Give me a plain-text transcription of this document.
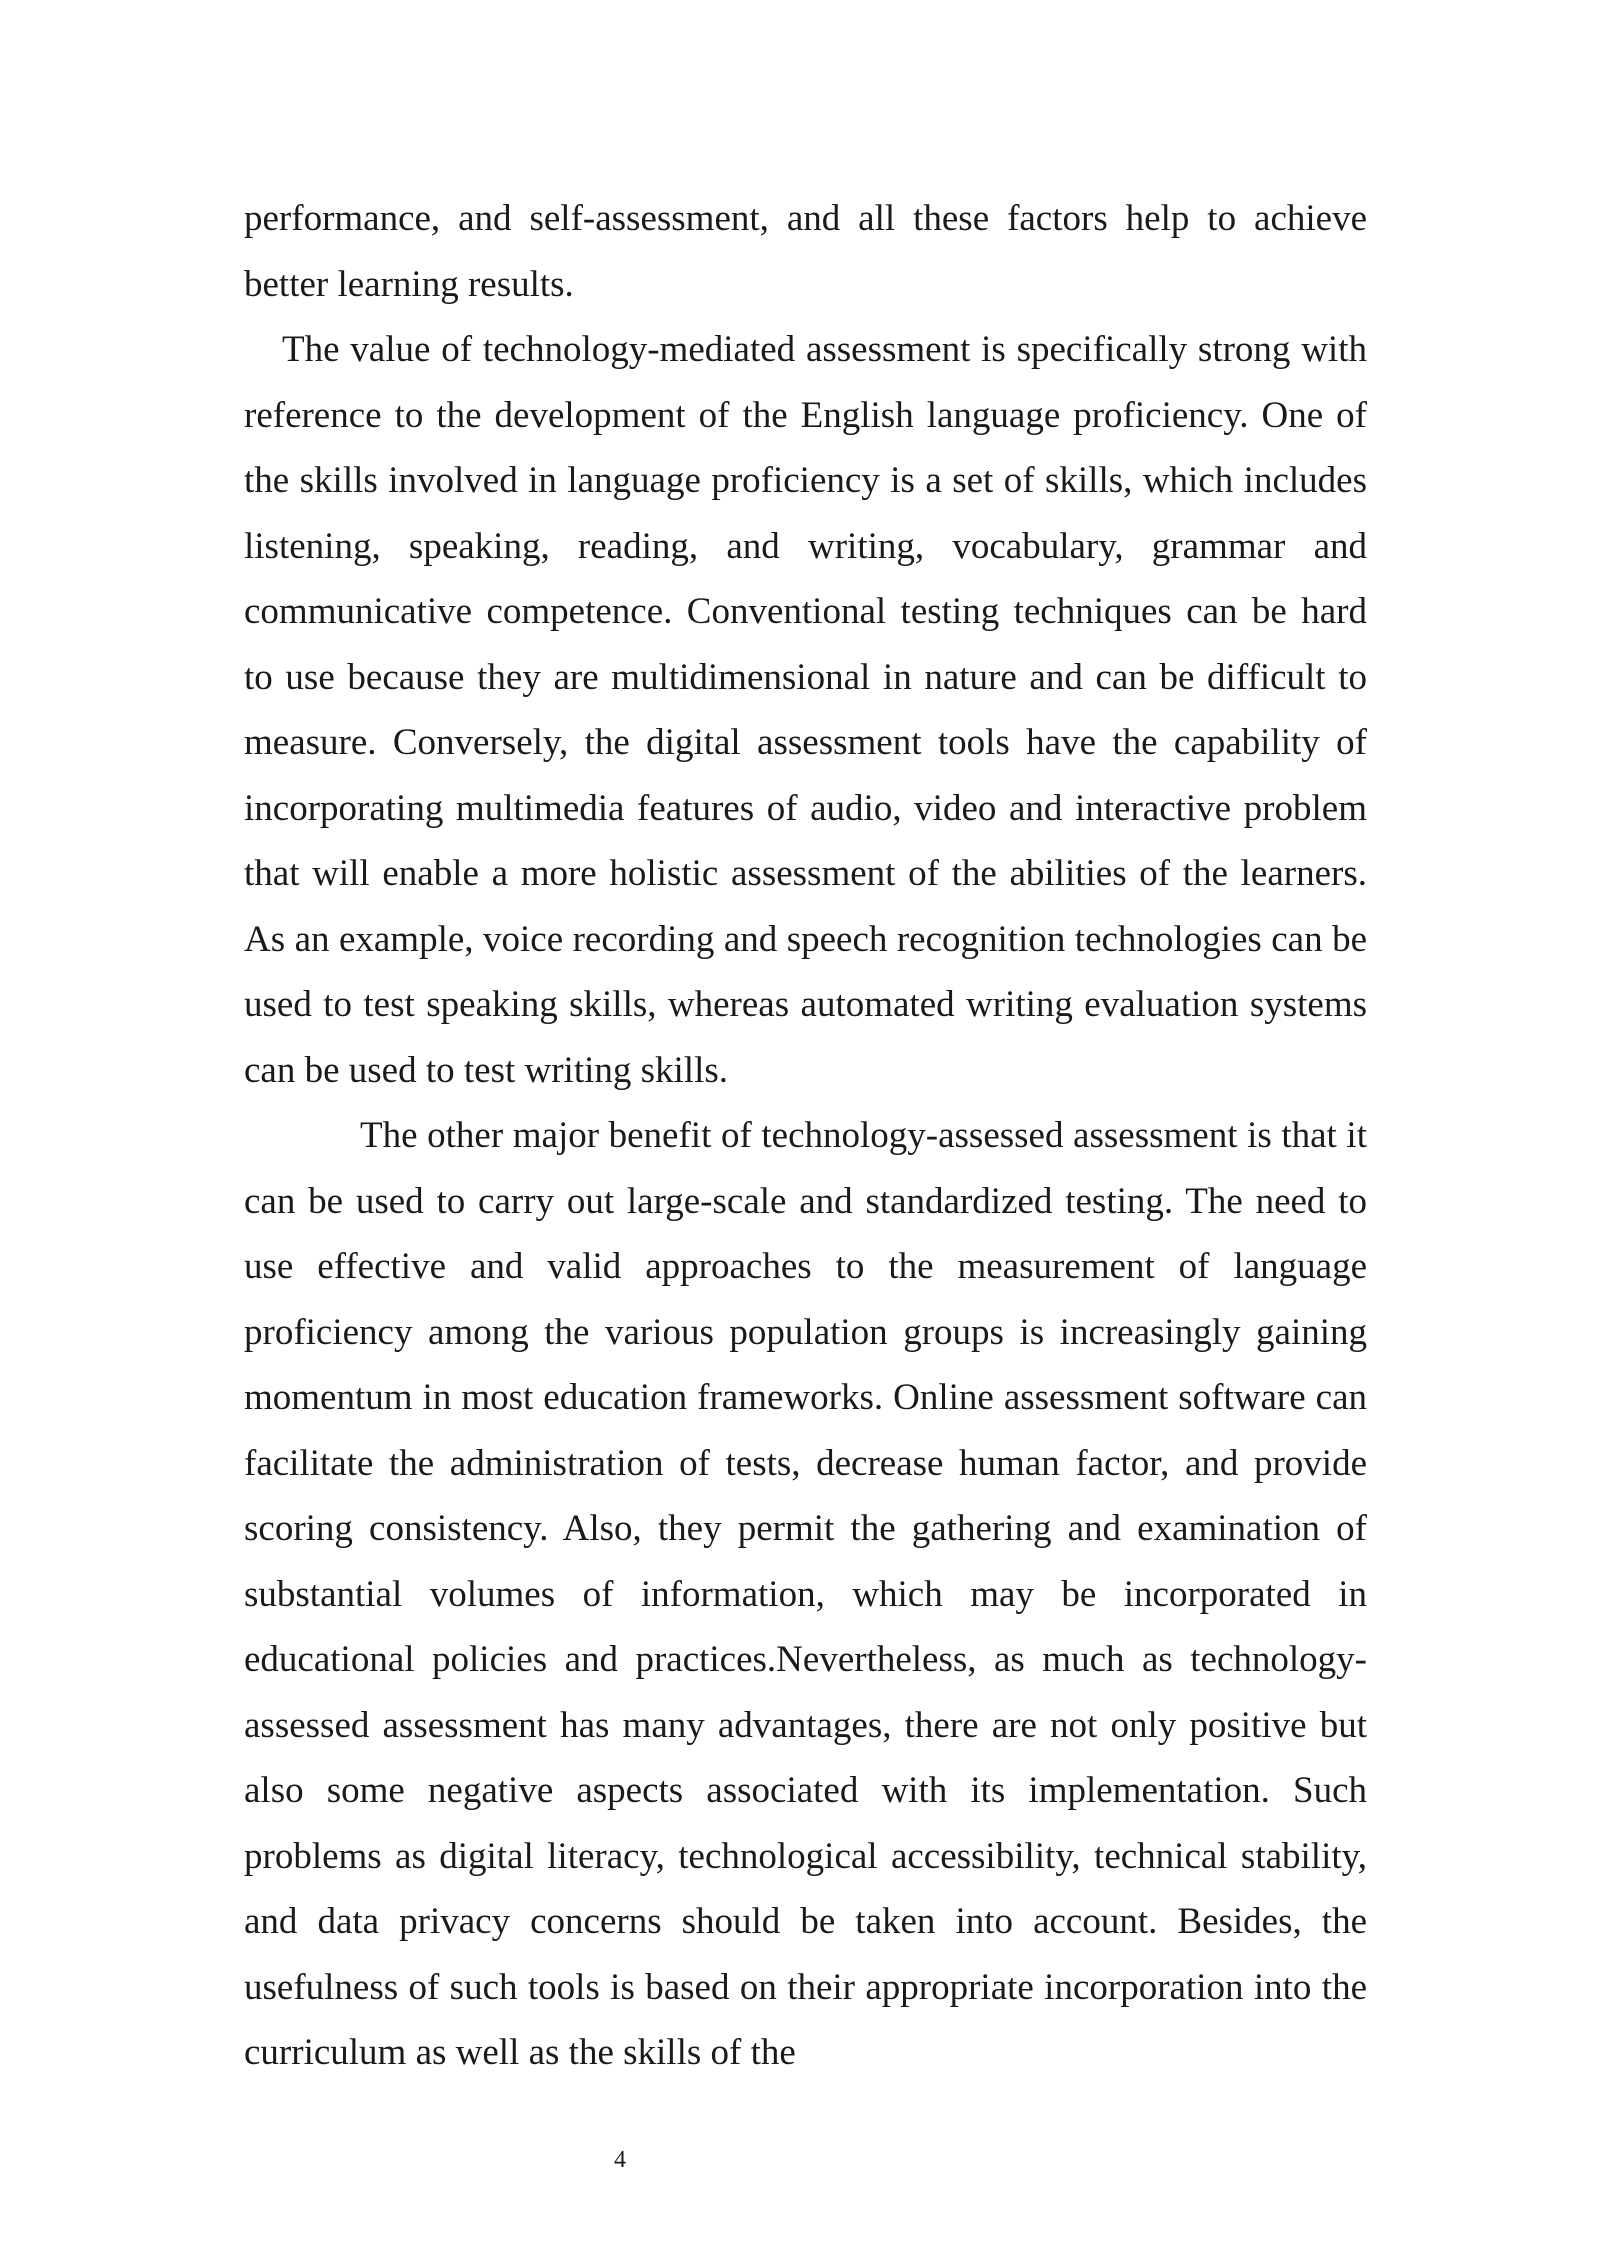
performance, and self-assessment, and all these factors help to achieve better learning results.

The value of technology-mediated assessment is specifically strong with reference to the development of the English language proficiency. One of the skills involved in language proficiency is a set of skills, which includes listening, speaking, reading, and writing, vocabulary, grammar and communicative competence. Conventional testing techniques can be hard to use because they are multidimensional in nature and can be difficult to measure. Conversely, the digital assessment tools have the capability of incorporating multimedia features of audio, video and interactive problem that will enable a more holistic assessment of the abilities of the learners. As an example, voice recording and speech recognition technologies can be used to test speaking skills, whereas automated writing evaluation systems can be used to test writing skills.

The other major benefit of technology-assessed assessment is that it can be used to carry out large-scale and standardized testing. The need to use effective and valid approaches to the measurement of language proficiency among the various population groups is increasingly gaining momentum in most education frameworks. Online assessment software can facilitate the administration of tests, decrease human factor, and provide scoring consistency. Also, they permit the gathering and examination of substantial volumes of information, which may be incorporated in educational policies and practices.Nevertheless, as much as technology-assessed assessment has many advantages, there are not only positive but also some negative aspects associated with its implementation. Such problems as digital literacy, technological accessibility, technical stability, and data privacy concerns should be taken into account. Besides, the usefulness of such tools is based on their appropriate incorporation into the curriculum as well as the skills of the

4
